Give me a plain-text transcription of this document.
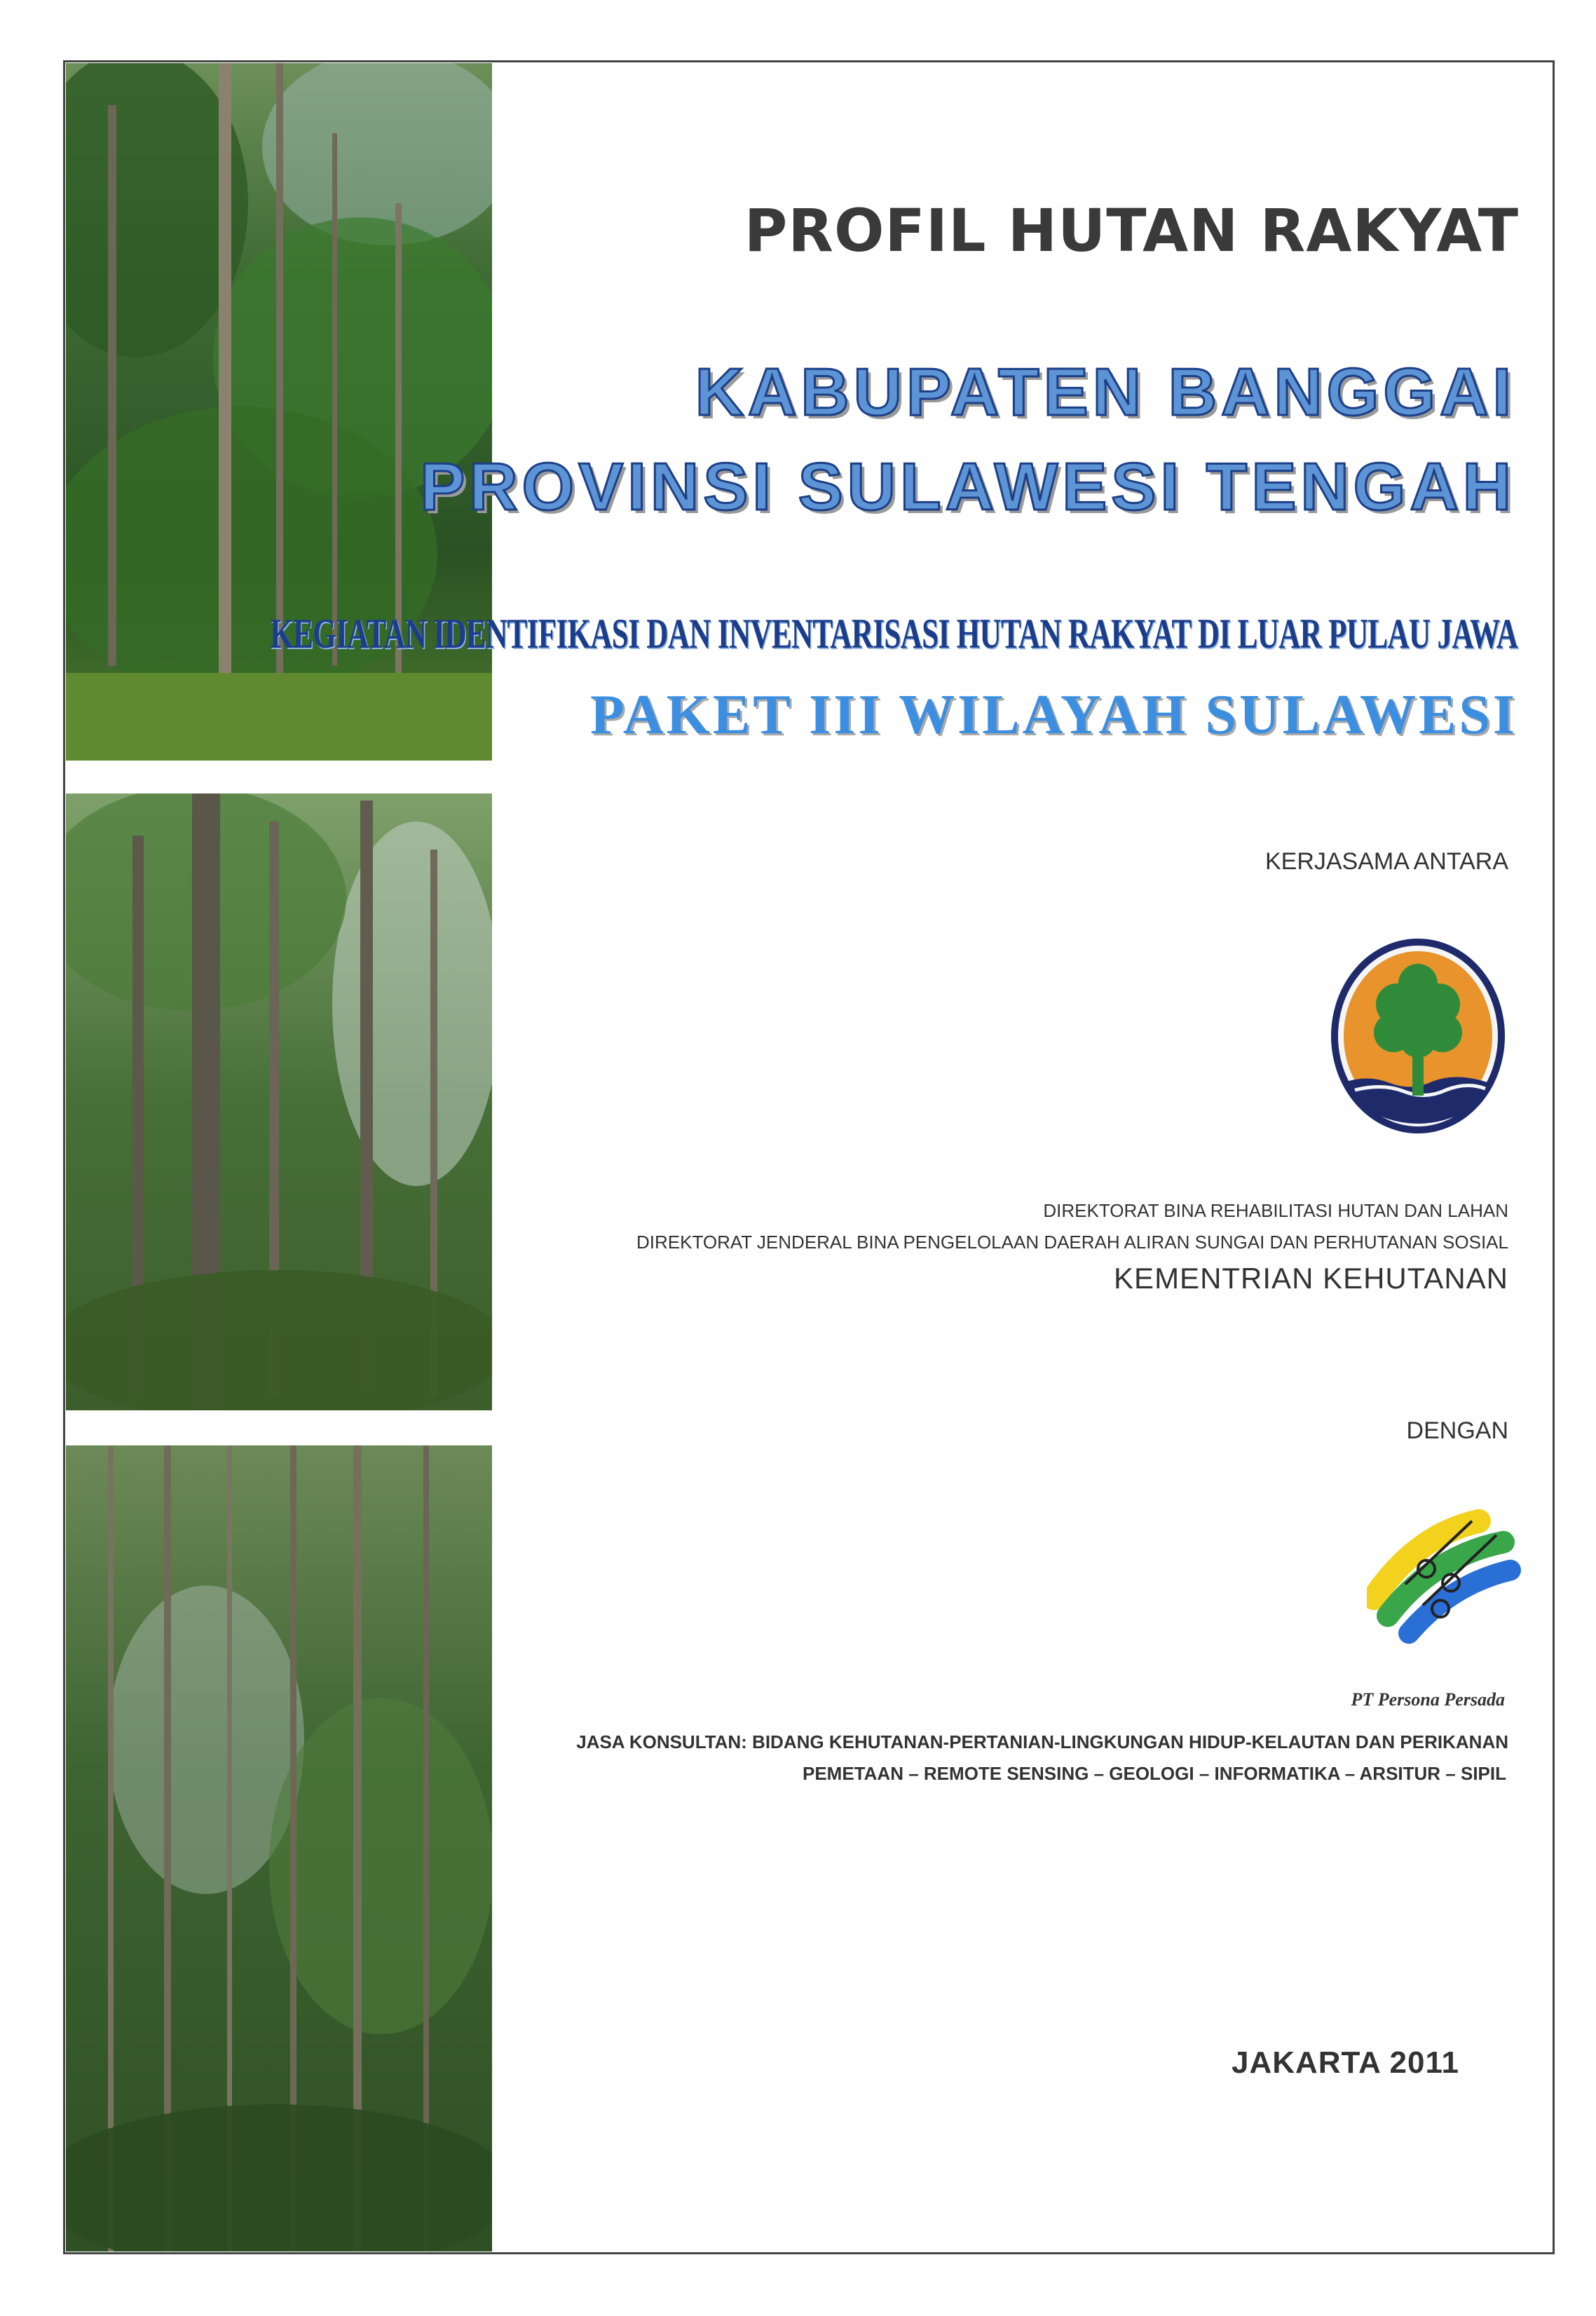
PROFIL HUTAN RAKYAT
KABUPATEN BANGGAI
PROVINSI SULAWESI TENGAH
KEGIATAN IDENTIFIKASI DAN INVENTARISASI HUTAN RAKYAT DI LUAR PULAU JAWA
PAKET III WILAYAH SULAWESI
KERJASAMA ANTARA
DIREKTORAT BINA REHABILITASI HUTAN DAN LAHAN
DIREKTORAT JENDERAL BINA PENGELOLAAN DAERAH ALIRAN SUNGAI DAN PERHUTANAN SOSIAL
KEMENTRIAN KEHUTANAN
DENGAN
PT Persona Persada
JASA KONSULTAN: BIDANG KEHUTANAN-PERTANIAN-LINGKUNGAN HIDUP-KELAUTAN DAN PERIKANAN
PEMETAAN – REMOTE SENSING – GEOLOGI – INFORMATIKA – ARSITUR – SIPIL
JAKARTA 2011
